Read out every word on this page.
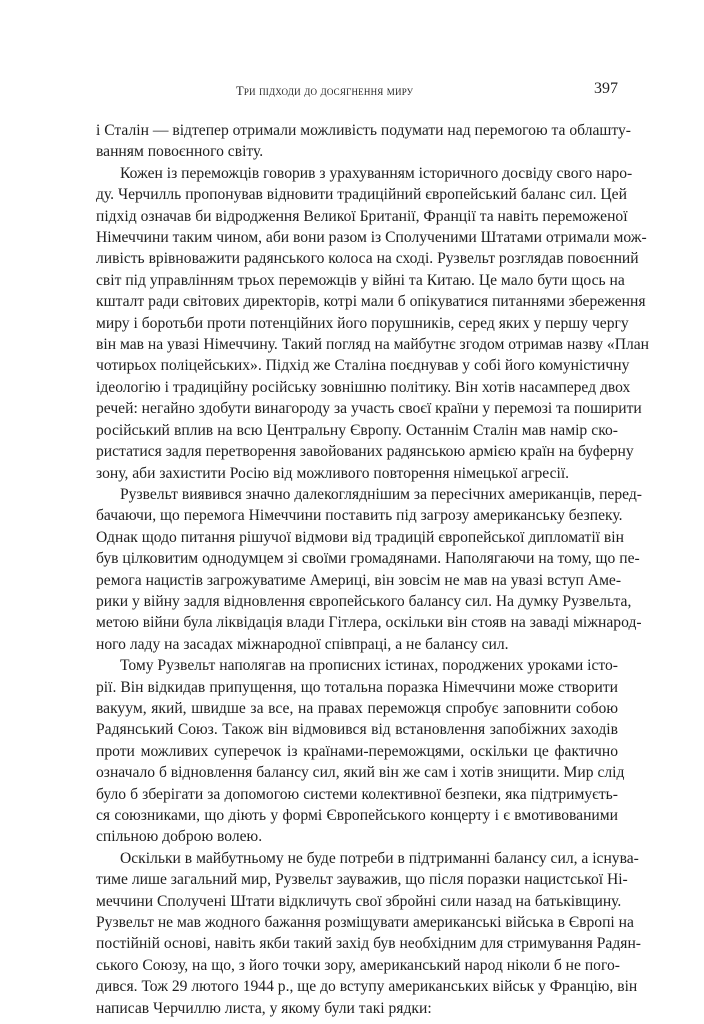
Три підходи до досягнення миру	397

і Сталін — відтепер отримали можливість подумати над перемогою та облашту-
ванням повоєнного світу.

Кожен із переможців говорив з урахуванням історичного досвіду свого наро-
ду. Черчилль пропонував відновити традиційний європейський баланс сил. Цей
підхід означав би відродження Великої Британії, Франції та навіть переможеної
Німеччини таким чином, аби вони разом із Сполученими Штатами отримали мож-
ливість врівноважити радянського колоса на сході. Рузвельт розглядав повоєнний
світ під управлінням трьох переможців у війні та Китаю. Це мало бути щось на
кшталт ради світових директорів, котрі мали б опікуватися питаннями збереження
миру і боротьби проти потенційних його порушників, серед яких у першу чергу
він мав на увазі Німеччину. Такий погляд на майбутнє згодом отримав назву «План
чотирьох поліцейських». Підхід же Сталіна поєднував у собі його комуністичну
ідеологію і традиційну російську зовнішню політику. Він хотів насамперед двох
речей: негайно здобути винагороду за участь своєї країни у перемозі та поширити
російський вплив на всю Центральну Європу. Останнім Сталін мав намір ско-
ристатися задля перетворення завойованих радянською армією країн на буферну
зону, аби захистити Росію від можливого повторення німецької агресії.

Рузвельт виявився значно далекогляднішим за пересічних американців, перед-
бачаючи, що перемога Німеччини поставить під загрозу американську безпеку.
Однак щодо питання рішучої відмови від традицій європейської дипломатії він
був цілковитим однодумцем зі своїми громадянами. Наполягаючи на тому, що пе-
ремога нацистів загрожуватиме Америці, він зовсім не мав на увазі вступ Аме-
рики у війну задля відновлення європейського балансу сил. На думку Рузвельта,
метою війни була ліквідація влади Гітлера, оскільки він стояв на заваді міжнарод-
ного ладу на засадах міжнародної співпраці, а не балансу сил.

Тому Рузвельт наполягав на прописних істинах, породжених уроками істо-
рії. Він відкидав припущення, що тотальна поразка Німеччини може створити
вакуум, який, швидше за все, на правах переможця спробує заповнити собою
Радянський Союз. Також він відмовився від встановлення запобіжних заходів
проти можливих суперечок із країнами-переможцями, оскільки це фактично
означало б відновлення балансу сил, який він же сам і хотів знищити. Мир слід
було б зберігати за допомогою системи колективної безпеки, яка підтримуєть-
ся союзниками, що діють у формі Європейського концерту і є вмотивованими
спільною доброю волею.

Оскільки в майбутньому не буде потреби в підтриманні балансу сил, а існува-
тиме лише загальний мир, Рузвельт зауважив, що після поразки нацистської Ні-
меччини Сполучені Штати відкличуть свої збройні сили назад на батьківщину.
Рузвельт не мав жодного бажання розміщувати американські війська в Європі на
постійній основі, навіть якби такий захід був необхідним для стримування Радян-
ського Союзу, на що, з його точки зору, американський народ ніколи б не пого-
дився. Тож 29 лютого 1944 р., ще до вступу американських військ у Францію, він
написав Черчиллю листа, у якому були такі рядки:
